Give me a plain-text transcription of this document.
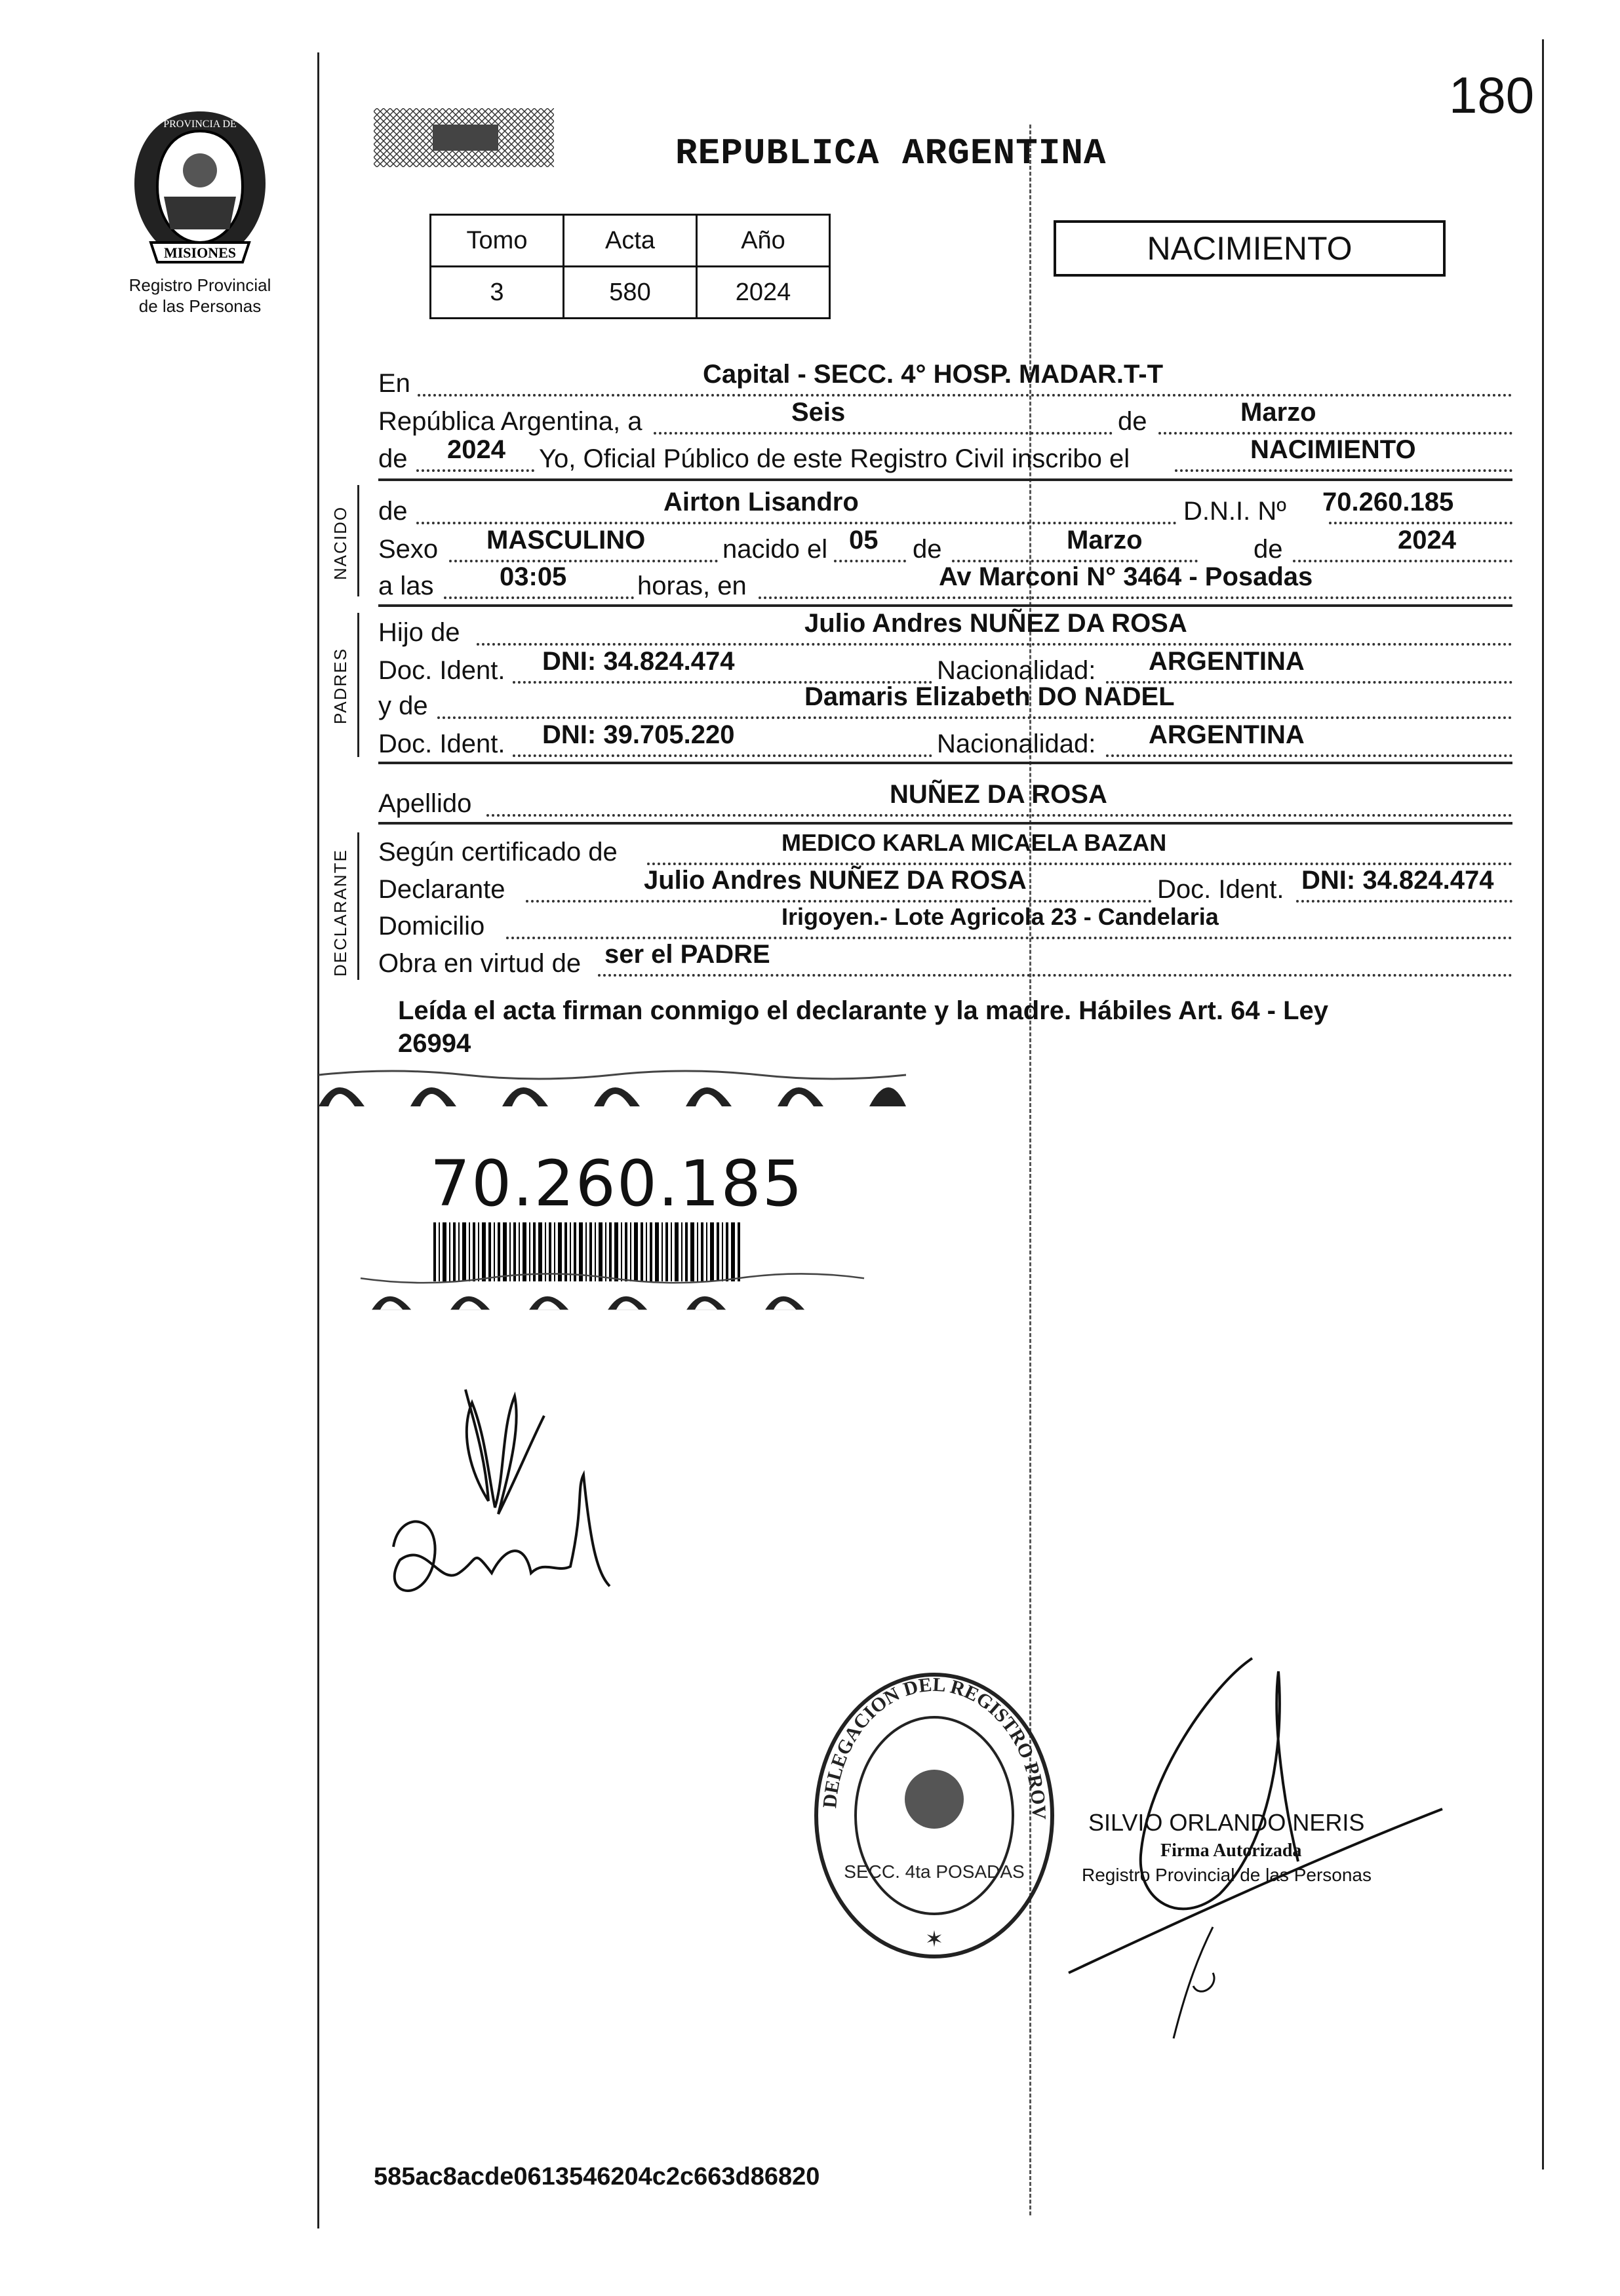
180
MISIONES
PROVINCIA DE
Registro Provincial
de las Personas
REPUBLICA ARGENTINA
Tomo	Acta	Año
3	580	2024
NACIMIENTO
En	Capital - SECC. 4° HOSP. MADAR.T-T
República Argentina, a	Seis	de	Marzo
de 2024 Yo, Oficial Público de este Registro Civil inscribo el	NACIMIENTO
NACIDO de	Airton Lisandro	D.N.I. Nº 70.260.185
Sexo MASCULINO	nacido el 05 de	Marzo	de	2024
a las	03:05	horas, en	Av Marconi N° 3464 - Posadas
PADRES
Hijo de	Julio Andres NUÑEZ DA ROSA
Doc. Ident. DNI: 34.824.474	Nacionalidad: ARGENTINA
y de	Damaris Elizabeth DO NADEL
Doc. Ident. DNI: 39.705.220	Nacionalidad: ARGENTINA
Apellido	NUÑEZ DA ROSA
DECLARANTE Según certificado de	MEDICO KARLA MICAELA BAZAN
Declarante	Julio Andres NUÑEZ DA ROSA	Doc. Ident. DNI: 34.824.474
Domicilio	Irigoyen.- Lote Agricola 23 - Candelaria
Obra en virtud de ser el PADRE
Leída el acta firman conmigo el declarante y la madre. Hábiles Art. 64 - Ley
26994
70.260.185
DELEGACION DEL REGISTRO PROV
SECC. 4ta POSADAS
✶
SILVIO ORLANDO NERIS
Firma Autorizada
Registro Provincial de las Personas
585ac8acde0613546204c2c663d86820
